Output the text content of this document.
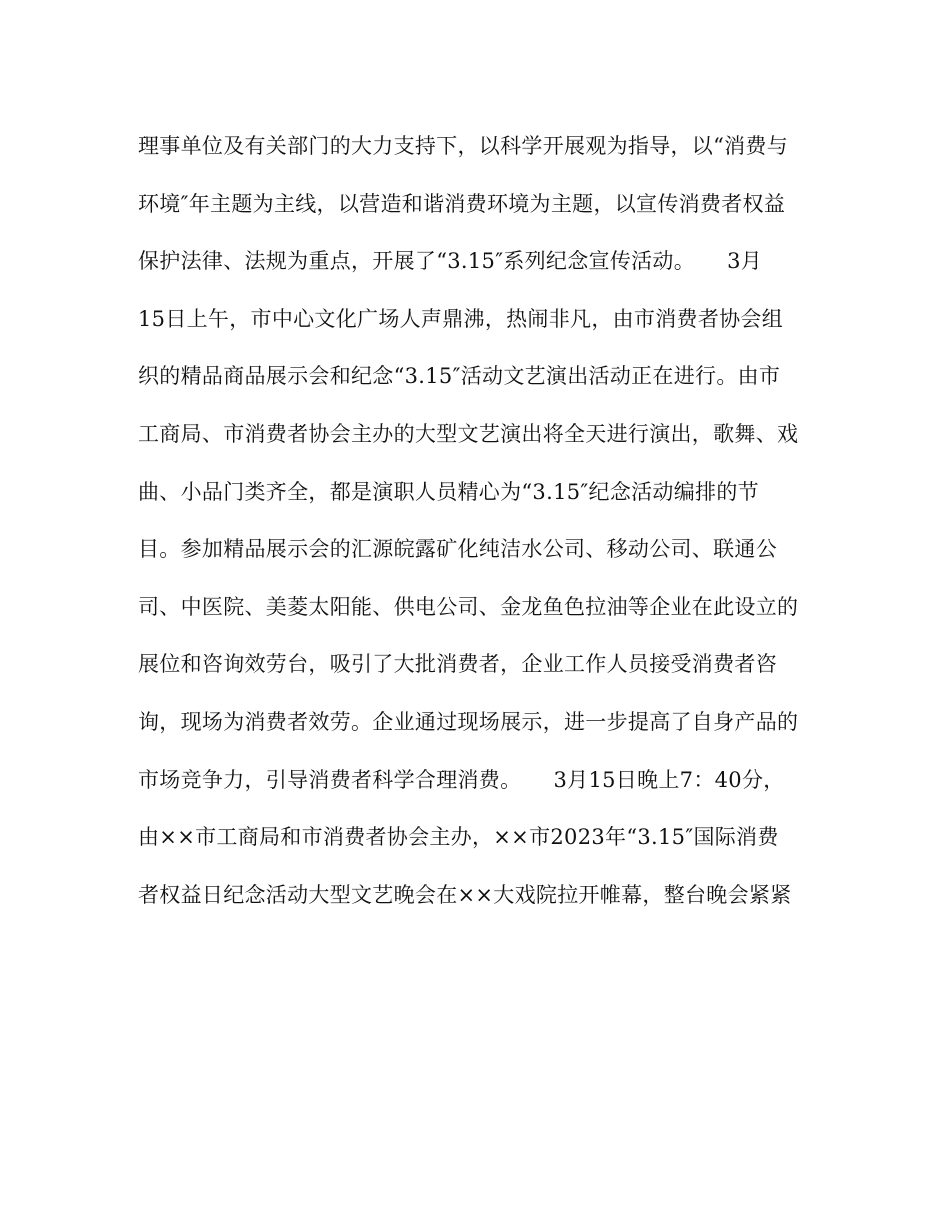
理事单位及有关部门的大力支持下，以科学开展观为指导，以“消费与
环境″年主题为主线，以营造和谐消费环境为主题，以宣传消费者权益
保护法律、法规为重点，开展了“3.15″系列纪念宣传活动。　　3月
15日上午，市中心文化广场人声鼎沸，热闹非凡，由市消费者协会组
织的精品商品展示会和纪念“3.15″活动文艺演出活动正在进行。由市
工商局、市消费者协会主办的大型文艺演出将全天进行演出，歌舞、戏
曲、小品门类齐全，都是演职人员精心为“3.15″纪念活动编排的节
目。参加精品展示会的汇源皖露矿化纯洁水公司、移动公司、联通公
司、中医院、美菱太阳能、供电公司、金龙鱼色拉油等企业在此设立的
展位和咨询效劳台，吸引了大批消费者，企业工作人员接受消费者咨
询，现场为消费者效劳。企业通过现场展示，进一步提高了自身产品的
市场竞争力，引导消费者科学合理消费。　　3月15日晚上7：40分，
由××市工商局和市消费者协会主办，××市2023年“3.15″国际消费
者权益日纪念活动大型文艺晚会在××大戏院拉开帷幕，整台晚会紧紧
